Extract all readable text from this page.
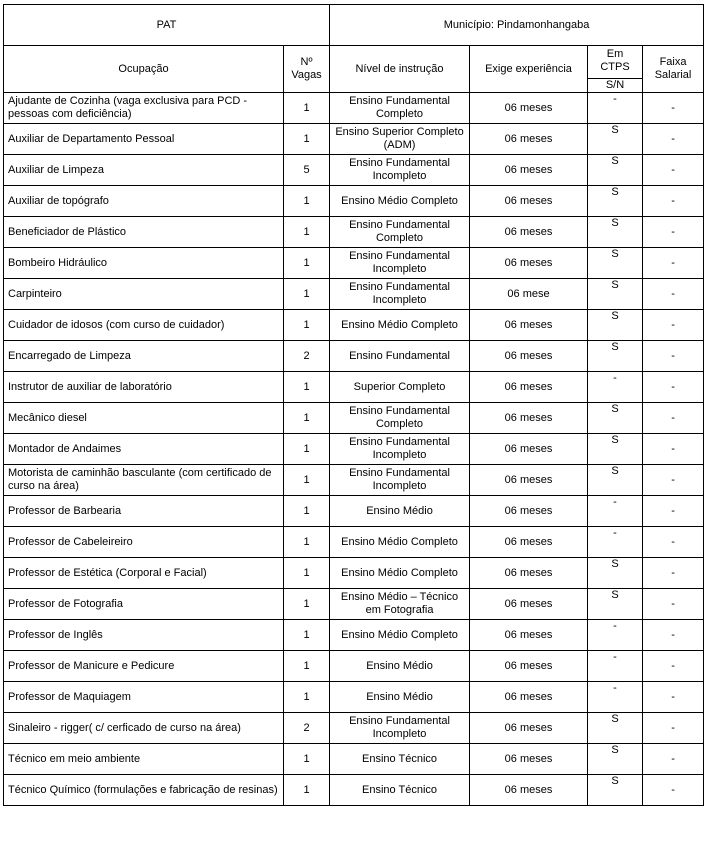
PAT		Município: Pindamonhangaba			
Ocupação	Nº Vagas	Nível de instrução	Exige experiência	Em CTPS	Faixa Salarial
				S/N	
Ajudante de Cozinha (vaga exclusiva para PCD - pessoas com deficiência)	1	Ensino Fundamental Completo	06 meses	-	-
Auxiliar de Departamento Pessoal	1	Ensino Superior Completo (ADM)	06 meses	S	-
Auxiliar de Limpeza	5	Ensino Fundamental Incompleto	06 meses	S	-
Auxiliar de topógrafo	1	Ensino Médio Completo	06 meses	S	-
Beneficiador de Plástico	1	Ensino Fundamental Completo	06 meses	S	-
Bombeiro Hidráulico	1	Ensino Fundamental Incompleto	06 meses	S	-
Carpinteiro	1	Ensino Fundamental Incompleto	06 mese	S	-
Cuidador de idosos (com curso de cuidador)	1	Ensino Médio Completo	06 meses	S	-
Encarregado de Limpeza	2	Ensino Fundamental	06 meses	S	-
Instrutor de auxiliar de laboratório	1	Superior Completo	06 meses	-	-
Mecânico diesel	1	Ensino Fundamental Completo	06 meses	S	-
Montador de Andaimes	1	Ensino Fundamental Incompleto	06 meses	S	-
Motorista de caminhão basculante (com certificado de curso na área)	1	Ensino Fundamental Incompleto	06 meses	S	-
Professor de Barbearia	1	Ensino Médio	06 meses	-	-
Professor de Cabeleireiro	1	Ensino Médio Completo	06 meses	-	-
Professor de Estética (Corporal e Facial)	1	Ensino Médio Completo	06 meses	S	-
Professor de Fotografia	1	Ensino Médio – Técnico em Fotografia	06 meses	S	-
Professor de Inglês	1	Ensino Médio Completo	06 meses	-	-
Professor de Manicure e Pedicure	1	Ensino Médio	06 meses	-	-
Professor de Maquiagem	1	Ensino Médio	06 meses	-	-
Sinaleiro - rigger( c/ cerficado de curso na área)	2	Ensino Fundamental Incompleto	06 meses	S	-
Técnico em meio ambiente	1	Ensino Técnico	06 meses	S	-
Técnico Químico (formulações e fabricação de resinas)	1	Ensino Técnico	06 meses	S	-
